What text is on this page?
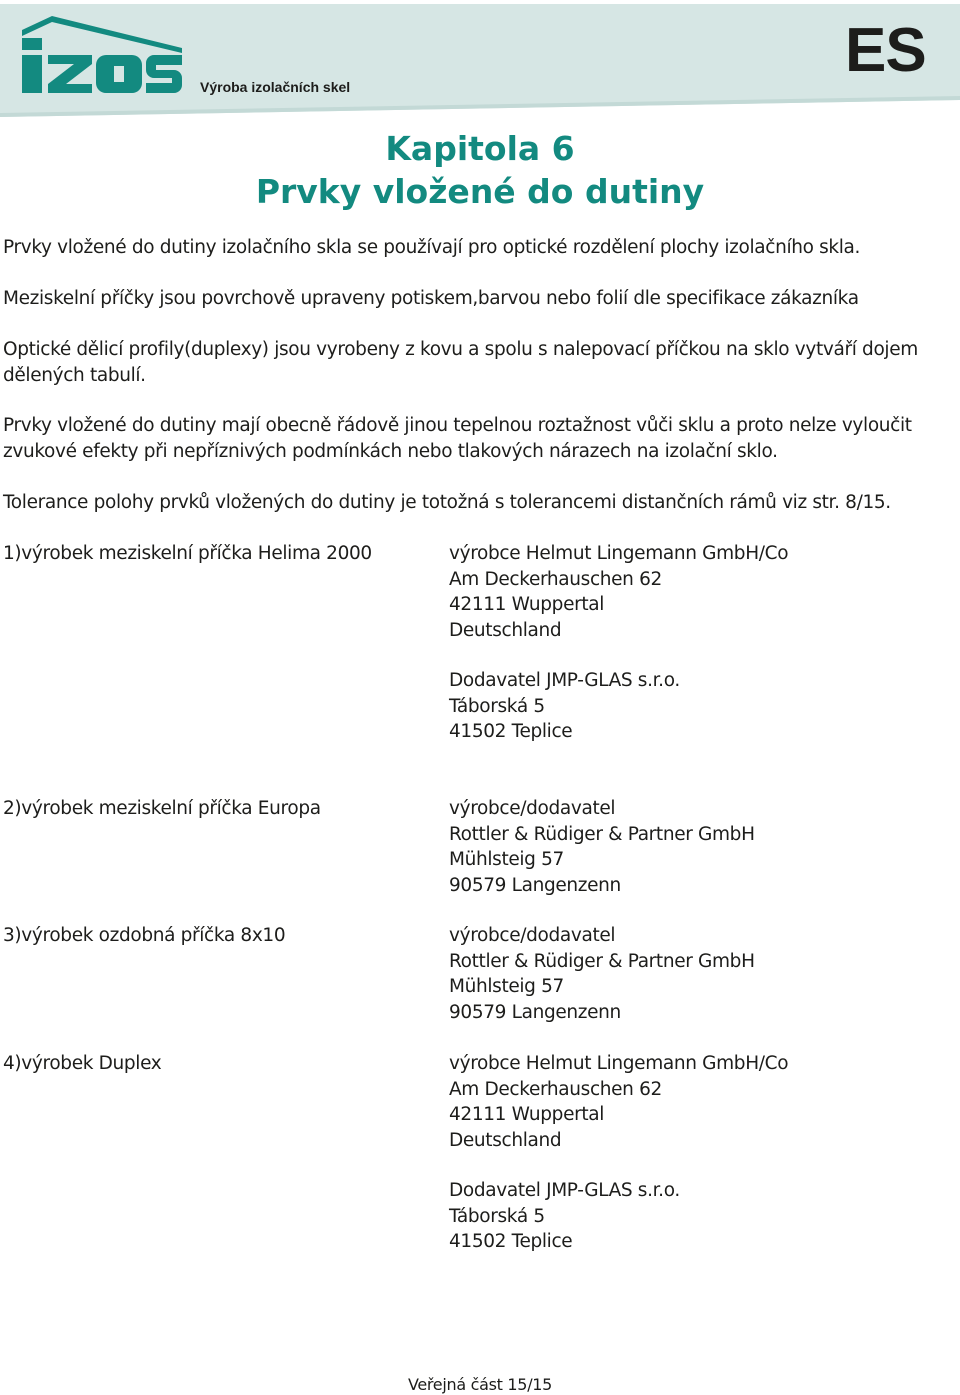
Výroba izolačních skel
ES
Kapitola 6
Prvky vložené do dutiny

Prvky vložené do dutiny izolačního skla se používají pro optické rozdělení plochy izolačního skla.

Meziskelní příčky jsou povrchově upraveny potiskem,barvou nebo folií dle specifikace zákazníka

Optické dělicí profily(duplexy) jsou vyrobeny z kovu a spolu s nalepovací příčkou na sklo vytváří dojem dělených tabulí.

Prvky vložené do dutiny mají obecně řádově jinou tepelnou roztažnost vůči sklu a proto nelze vyloučit zvukové efekty při nepříznivých podmínkách nebo tlakových nárazech na izolační sklo.

Tolerance polohy prvků vložených do dutiny je totožná s tolerancemi distančních rámů viz str. 8/15.

1)výrobek meziskelní příčka Helima 2000	výrobce Helmut Lingemann GmbH/Co
Am Deckerhauschen 62
42111 Wuppertal
Deutschland
Dodavatel JMP-GLAS s.r.o.
Táborská 5
41502 Teplice
2)výrobek meziskelní příčka Europa	výrobce/dodavatel
Rottler & Rüdiger & Partner GmbH
Mühlsteig 57
90579 Langenzenn
3)výrobek ozdobná příčka 8x10	výrobce/dodavatel
Rottler & Rüdiger & Partner GmbH
Mühlsteig 57
90579 Langenzenn
4)výrobek Duplex	výrobce Helmut Lingemann GmbH/Co
Am Deckerhauschen 62
42111 Wuppertal
Deutschland
Dodavatel JMP-GLAS s.r.o.
Táborská 5
41502 Teplice
Veřejná část 15/15
